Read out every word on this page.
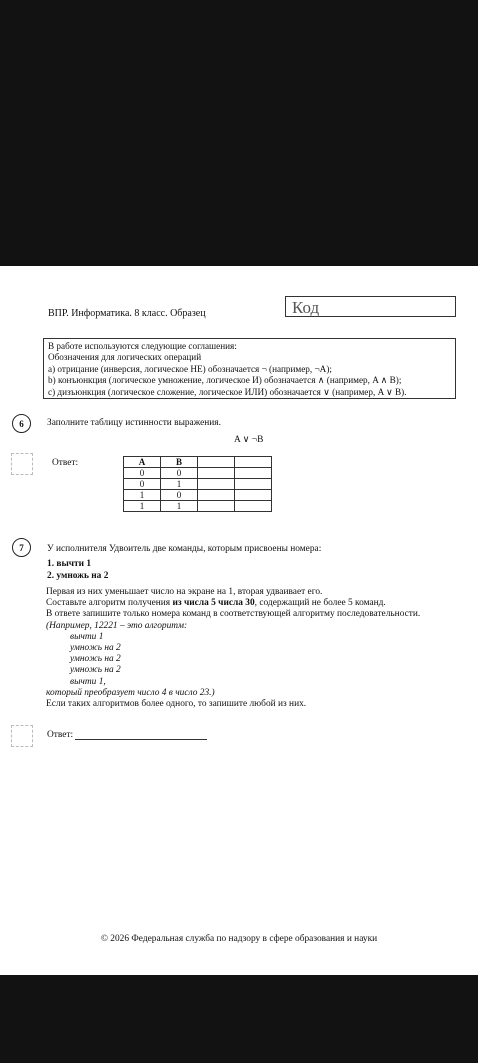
ВПР. Информатика. 8 класс. Образец	Код
В работе используются следующие соглашения:
Обозначения для логических операций
a) отрицание (инверсия, логическое НЕ) обозначается ¬ (например, ¬A);
b) конъюнкция (логическое умножение, логическое И) обозначается ∧ (например, A ∧ B);
c) дизъюнкция (логическое сложение, логическое ИЛИ) обозначается ∨ (например, A ∨ B).
6	Заполните таблицу истинности выражения.
A ∨ ¬B
Ответ:	A	B		
0	0		
0	1		
1	0		
1	1		
7	У исполнителя Удвоитель две команды, которым присвоены номера:
1. вычти 1
2. умножь на 2
Первая из них уменьшает число на экране на 1, вторая удваивает его.
Составьте алгоритм получения из числа 5 числа 30, содержащий не более 5 команд.
В ответе запишите только номера команд в соответствующей алгоритму последовательности.
(Например, 12221 – это алгоритм:
вычти 1
умножь на 2
умножь на 2
умножь на 2
вычти 1,
который преобразует число 4 в число 23.)
Если таких алгоритмов более одного, то запишите любой из них.
Ответ:
© 2026 Федеральная служба по надзору в сфере образования и науки
